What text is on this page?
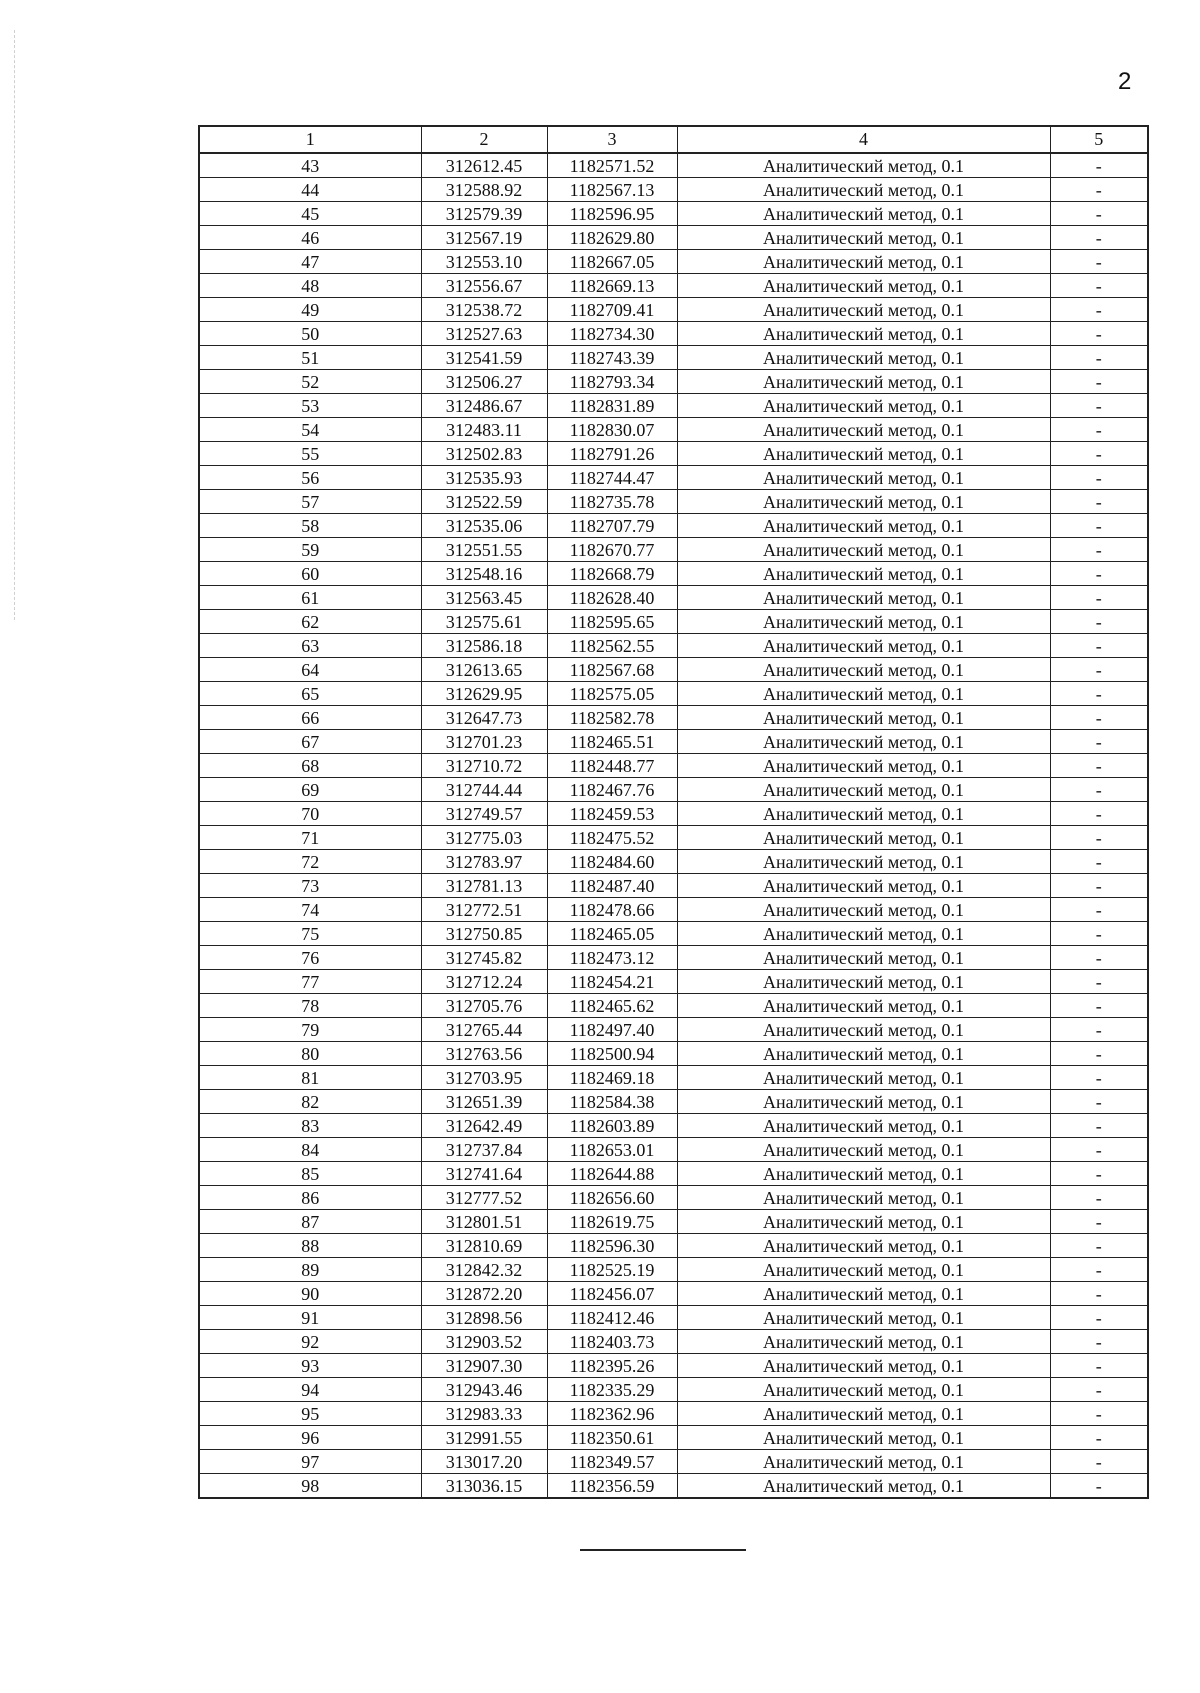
2
1	2	3	4	5
43	312612.45	1182571.52	Аналитический метод, 0.1	-
44	312588.92	1182567.13	Аналитический метод, 0.1	-
45	312579.39	1182596.95	Аналитический метод, 0.1	-
46	312567.19	1182629.80	Аналитический метод, 0.1	-
47	312553.10	1182667.05	Аналитический метод, 0.1	-
48	312556.67	1182669.13	Аналитический метод, 0.1	-
49	312538.72	1182709.41	Аналитический метод, 0.1	-
50	312527.63	1182734.30	Аналитический метод, 0.1	-
51	312541.59	1182743.39	Аналитический метод, 0.1	-
52	312506.27	1182793.34	Аналитический метод, 0.1	-
53	312486.67	1182831.89	Аналитический метод, 0.1	-
54	312483.11	1182830.07	Аналитический метод, 0.1	-
55	312502.83	1182791.26	Аналитический метод, 0.1	-
56	312535.93	1182744.47	Аналитический метод, 0.1	-
57	312522.59	1182735.78	Аналитический метод, 0.1	-
58	312535.06	1182707.79	Аналитический метод, 0.1	-
59	312551.55	1182670.77	Аналитический метод, 0.1	-
60	312548.16	1182668.79	Аналитический метод, 0.1	-
61	312563.45	1182628.40	Аналитический метод, 0.1	-
62	312575.61	1182595.65	Аналитический метод, 0.1	-
63	312586.18	1182562.55	Аналитический метод, 0.1	-
64	312613.65	1182567.68	Аналитический метод, 0.1	-
65	312629.95	1182575.05	Аналитический метод, 0.1	-
66	312647.73	1182582.78	Аналитический метод, 0.1	-
67	312701.23	1182465.51	Аналитический метод, 0.1	-
68	312710.72	1182448.77	Аналитический метод, 0.1	-
69	312744.44	1182467.76	Аналитический метод, 0.1	-
70	312749.57	1182459.53	Аналитический метод, 0.1	-
71	312775.03	1182475.52	Аналитический метод, 0.1	-
72	312783.97	1182484.60	Аналитический метод, 0.1	-
73	312781.13	1182487.40	Аналитический метод, 0.1	-
74	312772.51	1182478.66	Аналитический метод, 0.1	-
75	312750.85	1182465.05	Аналитический метод, 0.1	-
76	312745.82	1182473.12	Аналитический метод, 0.1	-
77	312712.24	1182454.21	Аналитический метод, 0.1	-
78	312705.76	1182465.62	Аналитический метод, 0.1	-
79	312765.44	1182497.40	Аналитический метод, 0.1	-
80	312763.56	1182500.94	Аналитический метод, 0.1	-
81	312703.95	1182469.18	Аналитический метод, 0.1	-
82	312651.39	1182584.38	Аналитический метод, 0.1	-
83	312642.49	1182603.89	Аналитический метод, 0.1	-
84	312737.84	1182653.01	Аналитический метод, 0.1	-
85	312741.64	1182644.88	Аналитический метод, 0.1	-
86	312777.52	1182656.60	Аналитический метод, 0.1	-
87	312801.51	1182619.75	Аналитический метод, 0.1	-
88	312810.69	1182596.30	Аналитический метод, 0.1	-
89	312842.32	1182525.19	Аналитический метод, 0.1	-
90	312872.20	1182456.07	Аналитический метод, 0.1	-
91	312898.56	1182412.46	Аналитический метод, 0.1	-
92	312903.52	1182403.73	Аналитический метод, 0.1	-
93	312907.30	1182395.26	Аналитический метод, 0.1	-
94	312943.46	1182335.29	Аналитический метод, 0.1	-
95	312983.33	1182362.96	Аналитический метод, 0.1	-
96	312991.55	1182350.61	Аналитический метод, 0.1	-
97	313017.20	1182349.57	Аналитический метод, 0.1	-
98	313036.15	1182356.59	Аналитический метод, 0.1	-
